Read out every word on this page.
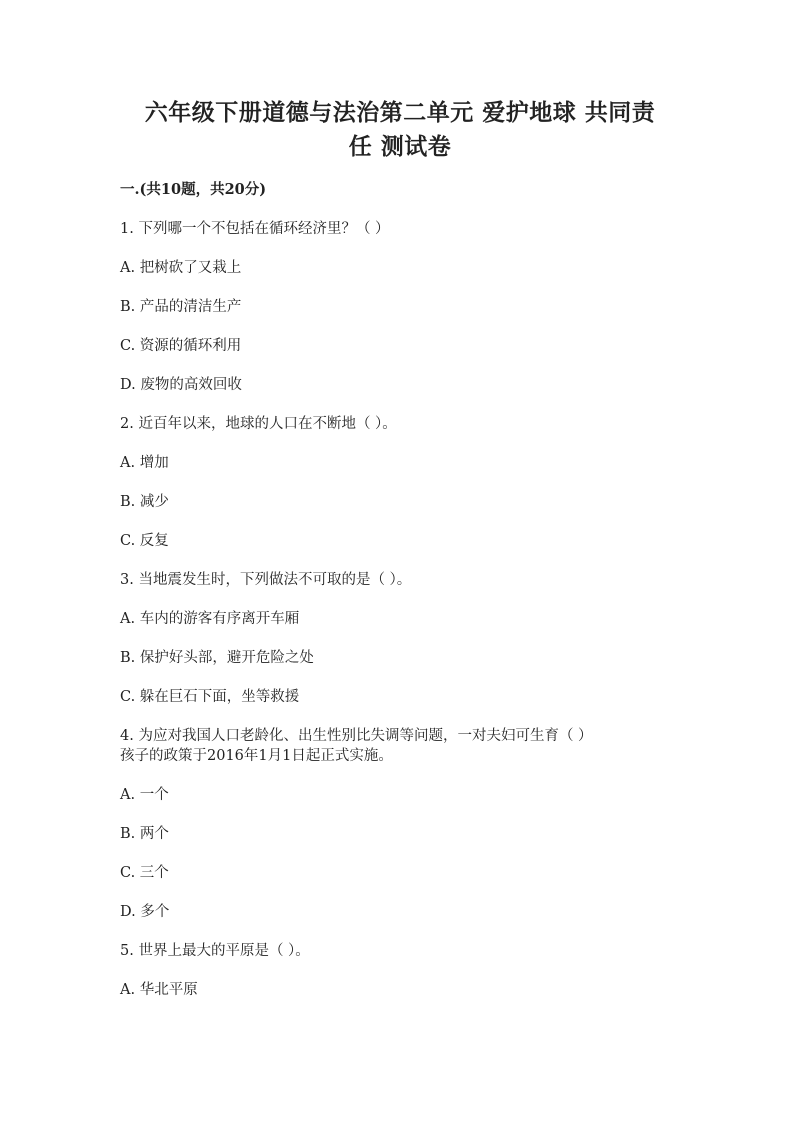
六年级下册道德与法治第二单元 爱护地球 共同责
任 测试卷
一.(共10题，共20分)
1. 下列哪一个不包括在循环经济里？（ ）
A. 把树砍了又栽上
B. 产品的清洁生产
C. 资源的循环利用
D. 废物的高效回收
2. 近百年以来，地球的人口在不断地（ ）。
A. 增加
B. 减少
C. 反复
3. 当地震发生时，下列做法不可取的是（ ）。
A. 车内的游客有序离开车厢
B. 保护好头部，避开危险之处
C. 躲在巨石下面，坐等救援
4. 为应对我国人口老龄化、出生性别比失调等问题，一对夫妇可生育（ ）
孩子的政策于2016年1月1日起正式实施。
A. 一个
B. 两个
C. 三个
D. 多个
5. 世界上最大的平原是（ ）。
A. 华北平原
